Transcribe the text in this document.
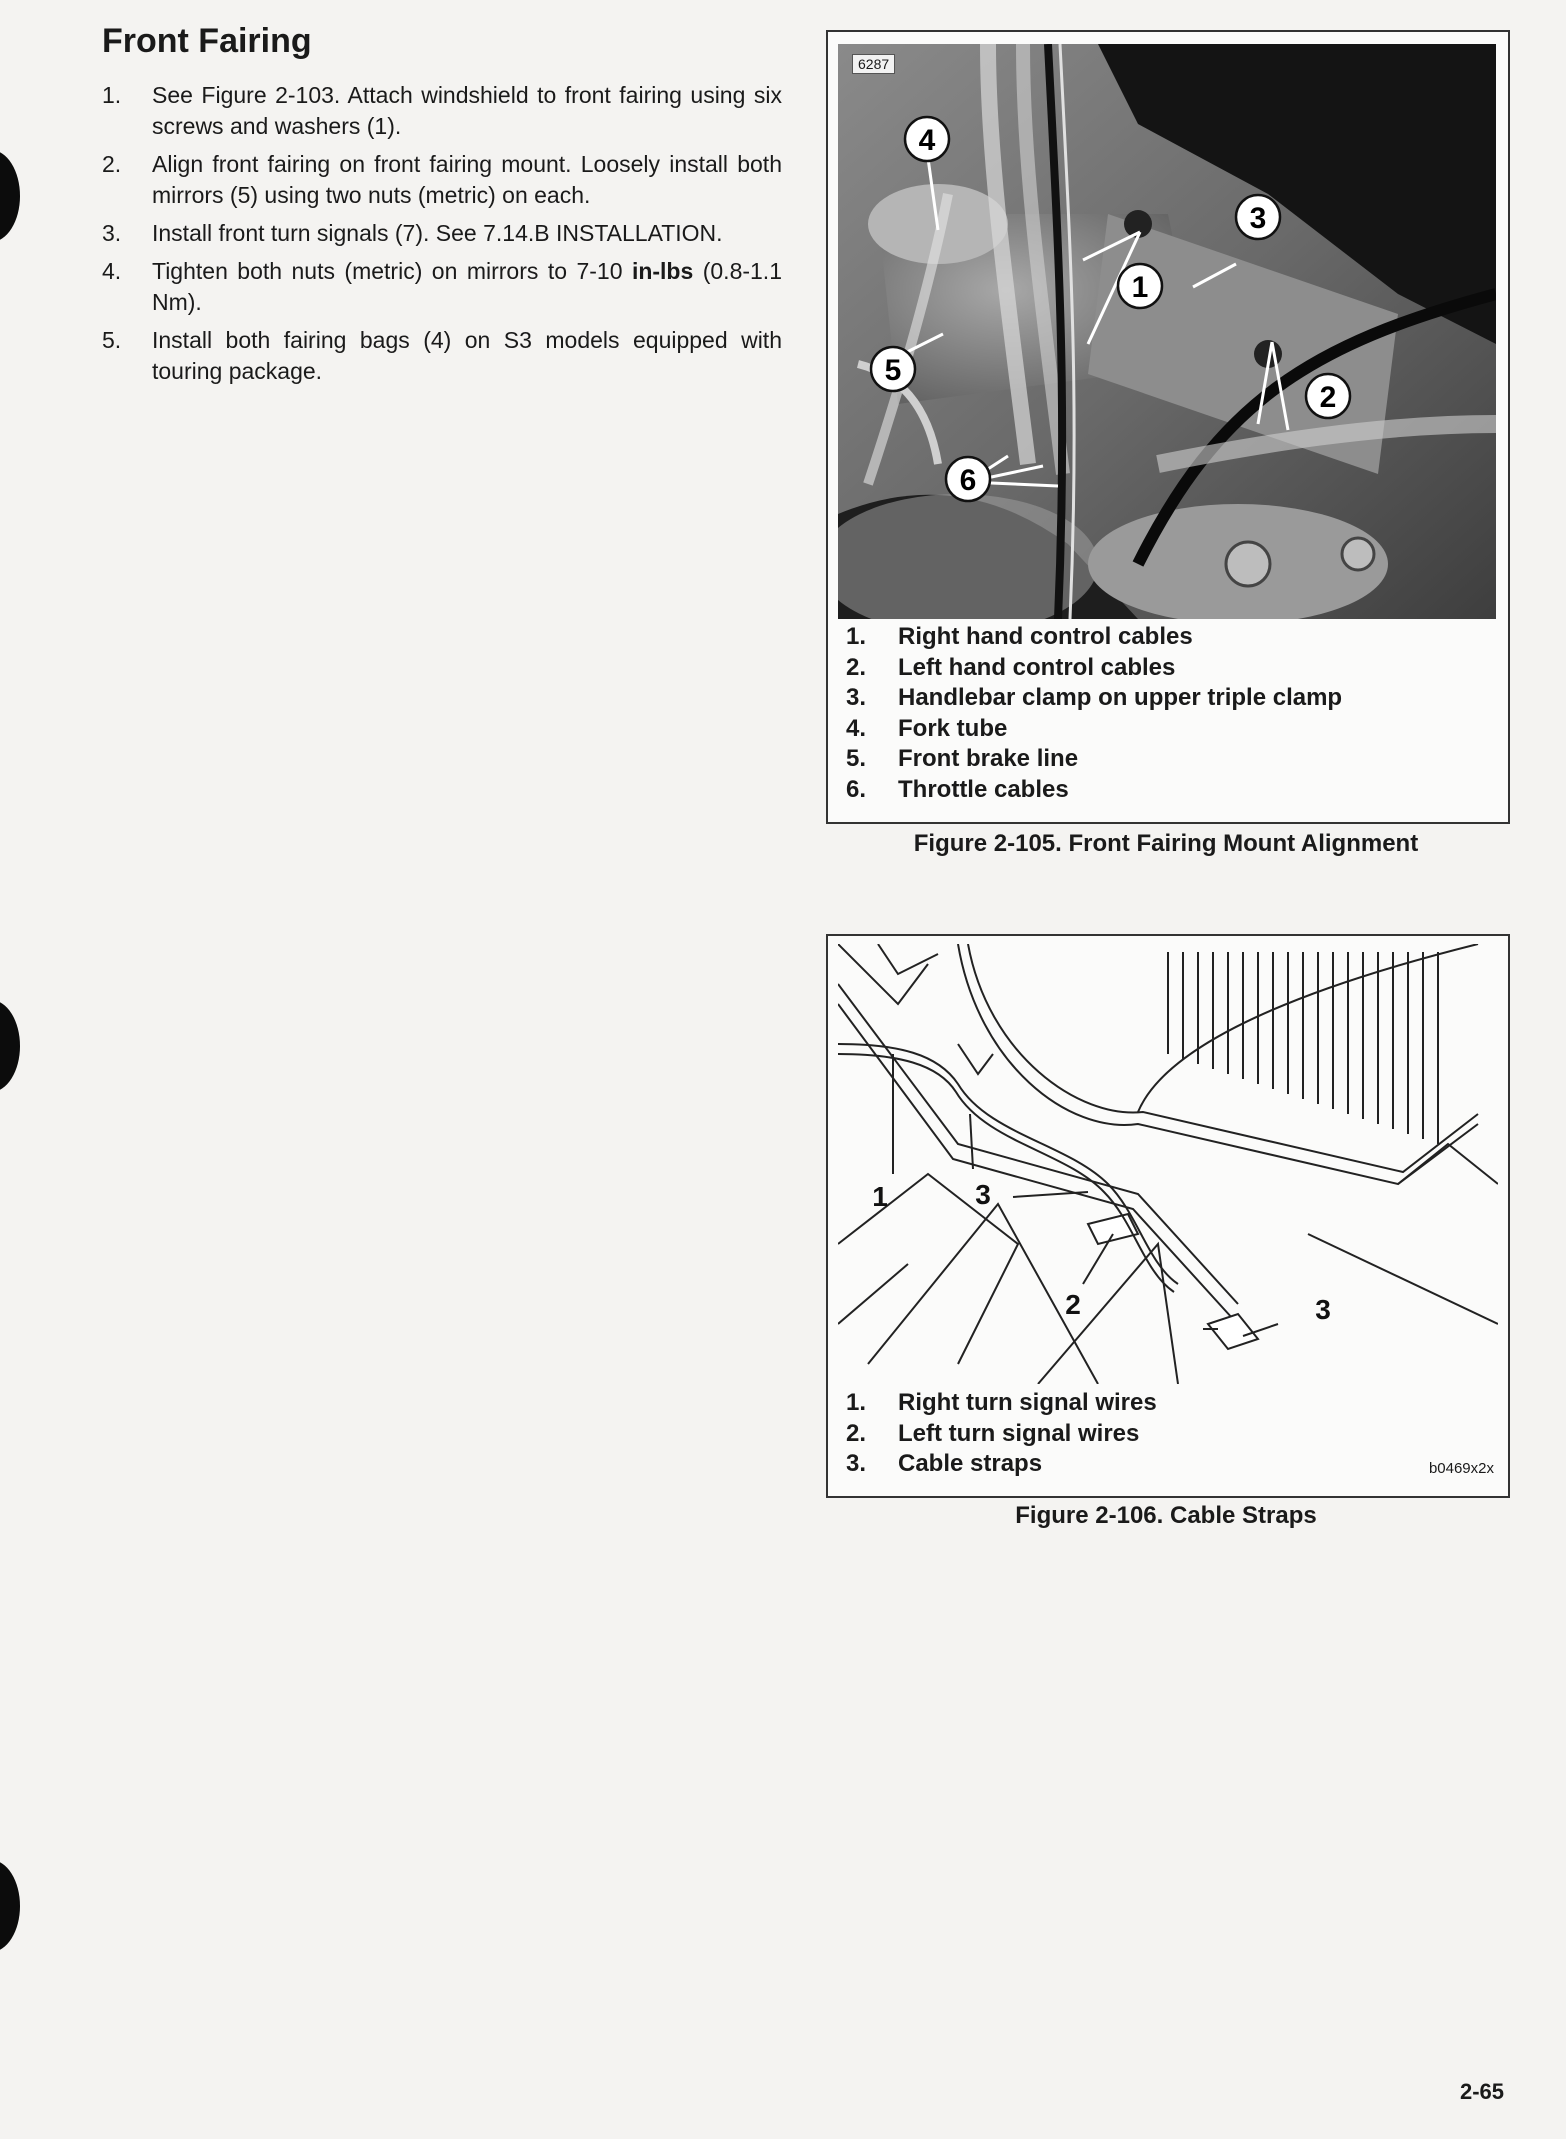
Front Fairing
1. See Figure 2-103. Attach windshield to front fairing using six screws and washers (1).
2. Align front fairing on front fairing mount. Loosely install both mirrors (5) using two nuts (metric) on each.
3. Install front turn signals (7). See 7.14.B INSTALLATION.
4. Tighten both nuts (metric) on mirrors to 7-10 in-lbs (0.8-1.1 Nm).
5. Install both fairing bags (4) on S3 models equipped with touring package.
6287
1
2
3
4
5
6
1. Right hand control cables
2. Left hand control cables
3. Handlebar clamp on upper triple clamp
4. Fork tube
5. Front brake line
6. Throttle cables

Figure 2-105. Front Fairing Mount Alignment

1	3
2	3
1. Right turn signal wires
2. Left turn signal wires
3. Cable straps	b0469x2x

Figure 2-106. Cable Straps

2-65
